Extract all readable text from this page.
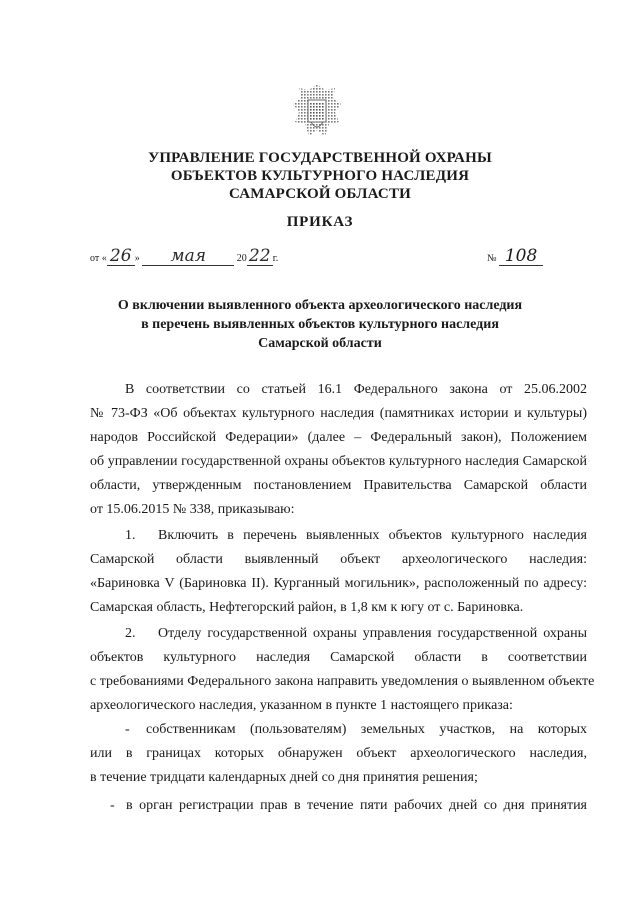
УПРАВЛЕНИЕ ГОСУДАРСТВЕННОЙ ОХРАНЫ
ОБЪЕКТОВ КУЛЬТУРНОГО НАСЛЕДИЯ
САМАРСКОЙ ОБЛАСТИ
ПРИКАЗ
от « 26 » мая	20 22 г.	№ 108
О включении выявленного объекта археологического наследия
в перечень выявленных объектов культурного наследия
Самарской области
В соответствии со статьей 16.1 Федерального закона от 25.06.2002
№ 73-ФЗ «Об объектах культурного наследия (памятниках истории и культуры)
народов Российской Федерации» (далее – Федеральный закон), Положением
об управлении государственной охраны объектов культурного наследия Самарской
области, утвержденным постановлением Правительства Самарской области
от 15.06.2015 № 338, приказываю:
1.	Включить в перечень выявленных объектов культурного наследия
Самарской области выявленный объект археологического наследия:
«Бариновка V (Бариновка II). Курганный могильник», расположенный по адресу:
Самарская область, Нефтегорский район, в 1,8 км к югу от с. Бариновка.
2.	Отделу государственной охраны управления государственной охраны
объектов культурного наследия Самарской области в соответствии
с требованиями Федерального закона направить уведомления о выявленном объекте
археологического наследия, указанном в пункте 1 настоящего приказа:
-	собственникам (пользователям) земельных участков, на которых
или в границах которых обнаружен объект археологического наследия,
в течение тридцати календарных дней со дня принятия решения;
- в орган регистрации прав в течение пяти рабочих дней со дня принятия
